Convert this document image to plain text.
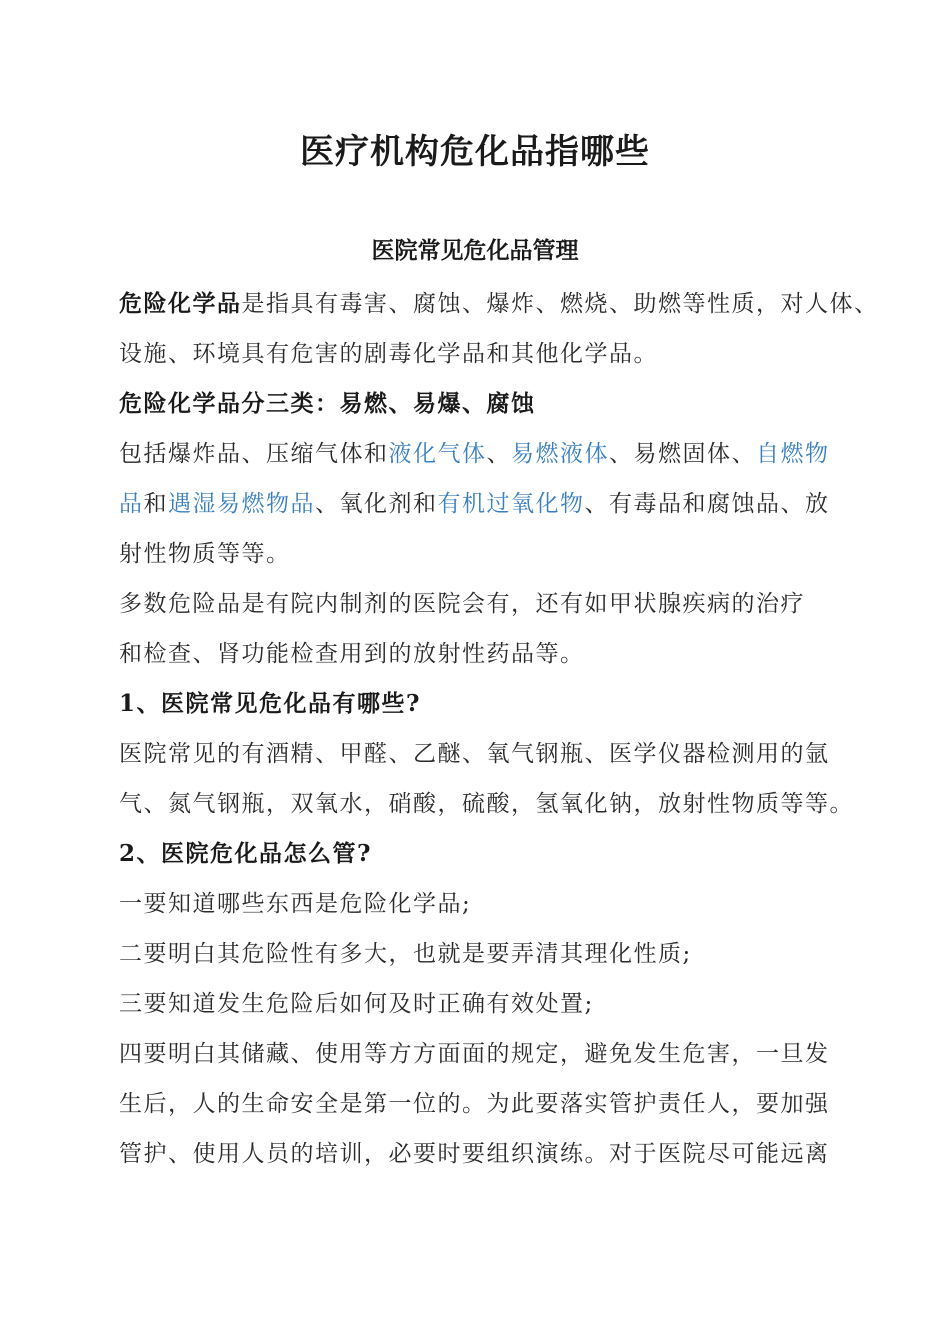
医疗机构危化品指哪些
医院常见危化品管理
危险化学品是指具有毒害、腐蚀、爆炸、燃烧、助燃等性质，对人体、
设施、环境具有危害的剧毒化学品和其他化学品。
危险化学品分三类：易燃、易爆、腐蚀
包括爆炸品、压缩气体和液化气体、易燃液体、易燃固体、自燃物
品和遇湿易燃物品、氧化剂和有机过氧化物、有毒品和腐蚀品、放
射性物质等等。
多数危险品是有院内制剂的医院会有，还有如甲状腺疾病的治疗
和检查、肾功能检查用到的放射性药品等。
1、医院常见危化品有哪些?
医院常见的有酒精、甲醛、乙醚、氧气钢瓶、医学仪器检测用的氩
气、氮气钢瓶，双氧水，硝酸，硫酸，氢氧化钠，放射性物质等等。
2、医院危化品怎么管?
一要知道哪些东西是危险化学品;
二要明白其危险性有多大，也就是要弄清其理化性质;
三要知道发生危险后如何及时正确有效处置;
四要明白其储藏、使用等方方面面的规定，避免发生危害，一旦发
生后，人的生命安全是第一位的。为此要落实管护责任人，要加强
管护、使用人员的培训，必要时要组织演练。对于医院尽可能远离
